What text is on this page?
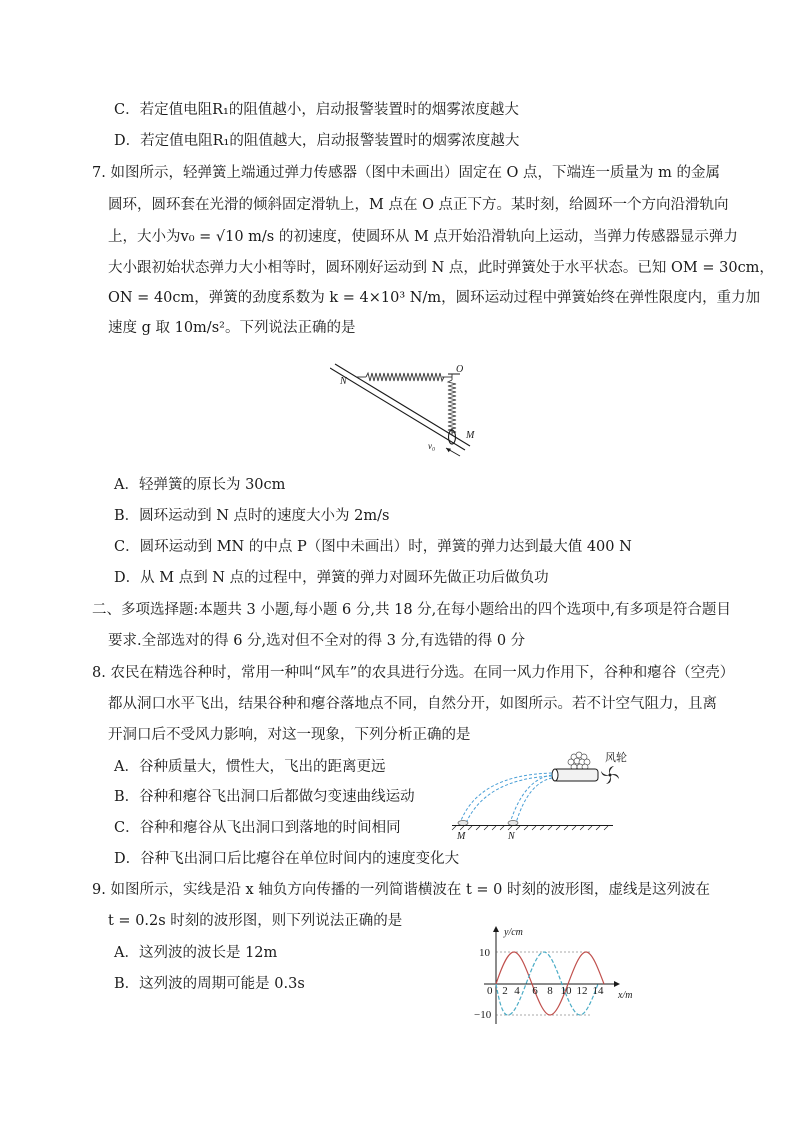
C．若定值电阻R₁的阻值越小，启动报警装置时的烟雾浓度越大
D．若定值电阻R₁的阻值越大，启动报警装置时的烟雾浓度越大
7. 如图所示，轻弹簧上端通过弹力传感器（图中未画出）固定在 O 点，下端连一质量为 m 的金属
圆环，圆环套在光滑的倾斜固定滑轨上，M 点在 O 点正下方。某时刻，给圆环一个方向沿滑轨向
上，大小为v₀ = √10 m/s 的初速度，使圆环从 M 点开始沿滑轨向上运动，当弹力传感器显示弹力
大小跟初始状态弹力大小相等时，圆环刚好运动到 N 点，此时弹簧处于水平状态。已知 OM = 30cm，
ON = 40cm，弹簧的劲度系数为 k = 4×10³ N/m，圆环运动过程中弹簧始终在弹性限度内，重力加
速度 g 取 10m/s²。下列说法正确的是
N
O
M
v₀
A．轻弹簧的原长为 30cm
B．圆环运动到 N 点时的速度大小为 2m/s
C．圆环运动到 MN 的中点 P（图中未画出）时，弹簧的弹力达到最大值 400 N
D．从 M 点到 N 点的过程中，弹簧的弹力对圆环先做正功后做负功
二、多项选择题:本题共 3 小题,每小题 6 分,共 18 分,在每小题给出的四个选项中,有多项是符合题目
要求.全部选对的得 6 分,选对但不全对的得 3 分,有选错的得 0 分
8. 农民在精选谷种时，常用一种叫“风车”的农具进行分选。在同一风力作用下，谷种和瘪谷（空壳）
都从洞口水平飞出，结果谷种和瘪谷落地点不同，自然分开，如图所示。若不计空气阻力，且离
开洞口后不受风力影响，对这一现象，下列分析正确的是
A．谷种质量大，惯性大，飞出的距离更远
B．谷种和瘪谷飞出洞口后都做匀变速曲线运动
C．谷种和瘪谷从飞出洞口到落地的时间相同
D．谷种飞出洞口后比瘪谷在单位时间内的速度变化大
风轮
M	N
9. 如图所示，实线是沿 x 轴负方向传播的一列简谐横波在 t = 0 时刻的波形图，虚线是这列波在
t = 0.2s 时刻的波形图，则下列说法正确的是
A．这列波的波长是 12m
B．这列波的周期可能是 0.3s
y/cm
x/m
10
−10
0 2 4 6 8 10 12 14
